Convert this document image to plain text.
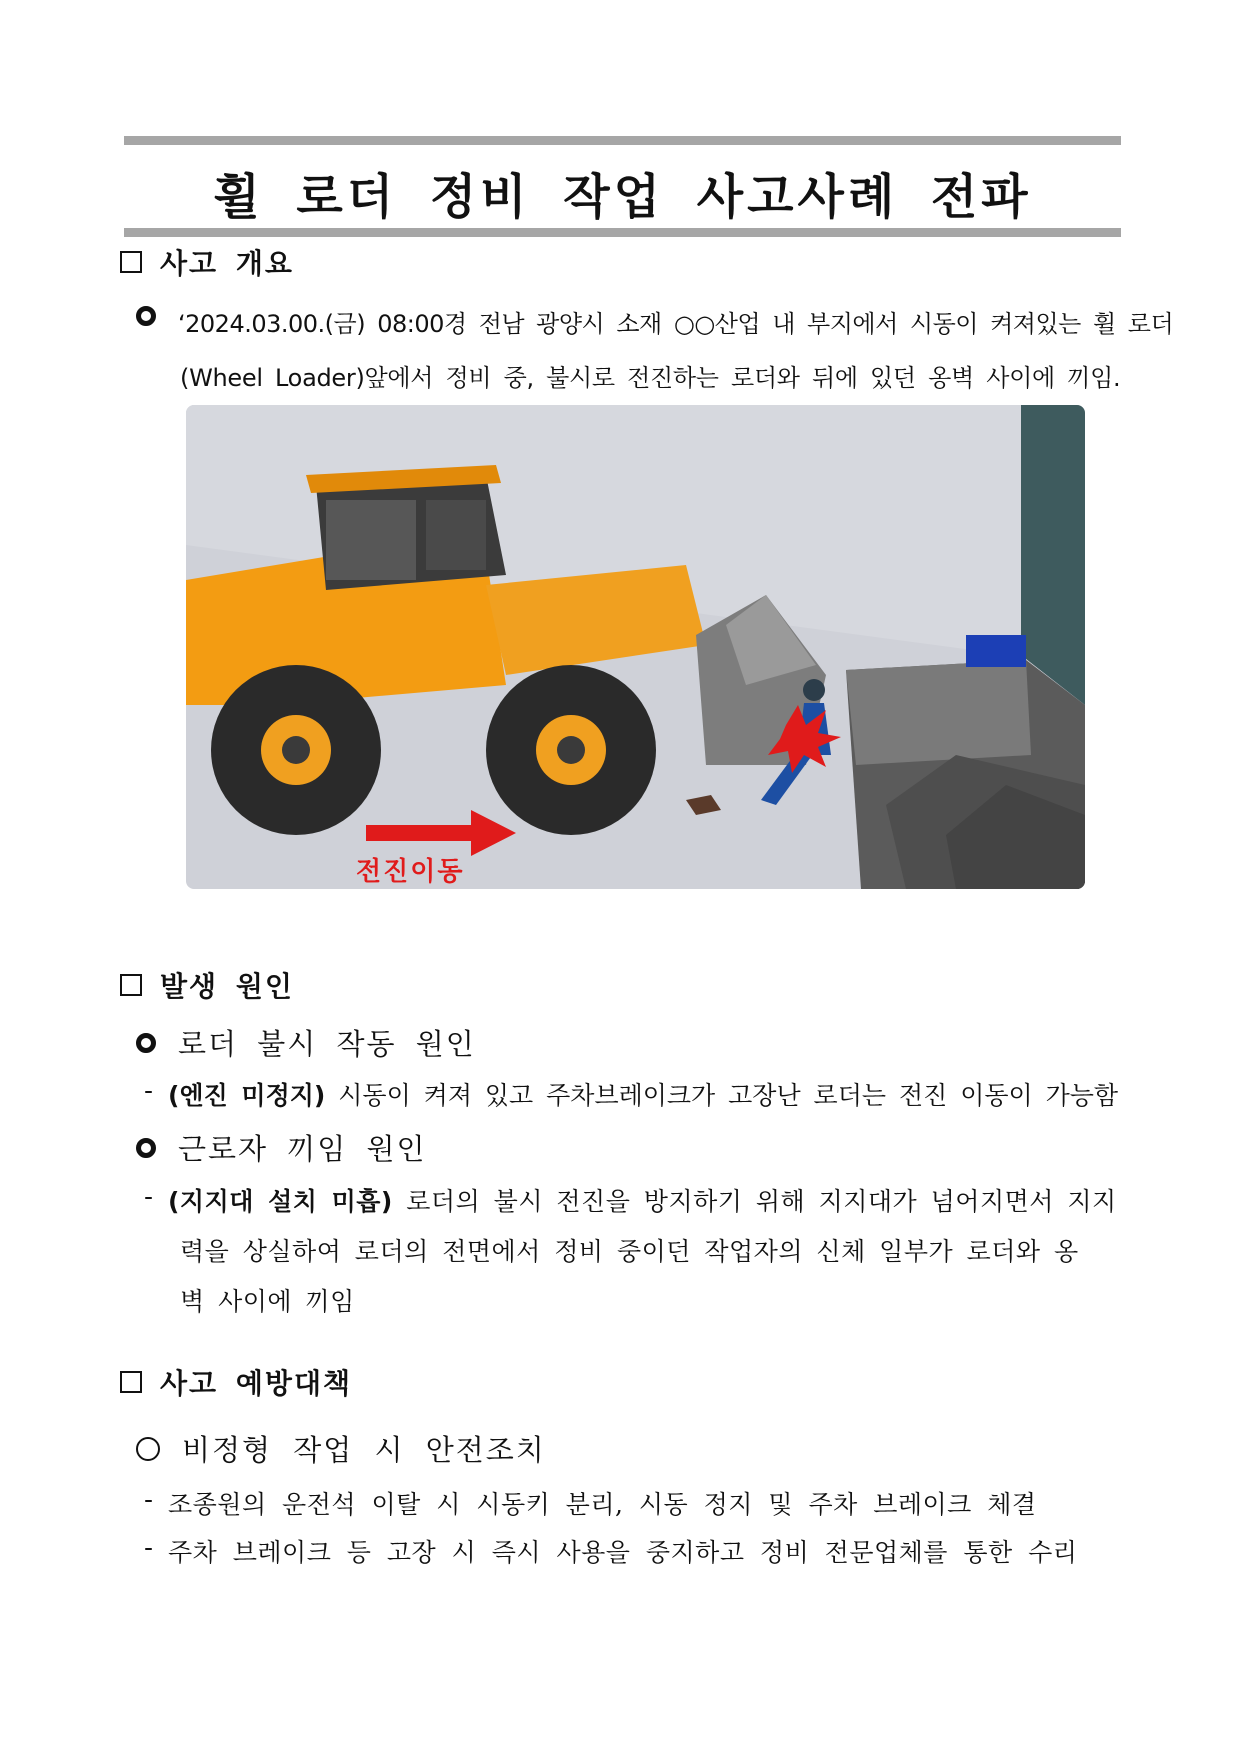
휠 로더 정비 작업 사고사례 전파
사고 개요
‘2024.03.00.(금) 08:00경 전남 광양시 소재 ○○산업 내 부지에서 시동이 켜져있는 휠 로더
(Wheel Loader)앞에서 정비 중, 불시로 전진하는 로더와 뒤에 있던 옹벽 사이에 끼임.
전진이동
발생 원인
로더 불시 작동 원인
- (엔진 미정지) 시동이 켜져 있고 주차브레이크가 고장난 로더는 전진 이동이 가능함
근로자 끼임 원인
- (지지대 설치 미흡) 로더의 불시 전진을 방지하기 위해 지지대가 넘어지면서 지지
력을 상실하여 로더의 전면에서 정비 중이던 작업자의 신체 일부가 로더와 옹
벽 사이에 끼임
사고 예방대책
비정형 작업 시 안전조치
- 조종원의 운전석 이탈 시 시동키 분리, 시동 정지 및 주차 브레이크 체결
- 주차 브레이크 등 고장 시 즉시 사용을 중지하고 정비 전문업체를 통한 수리
